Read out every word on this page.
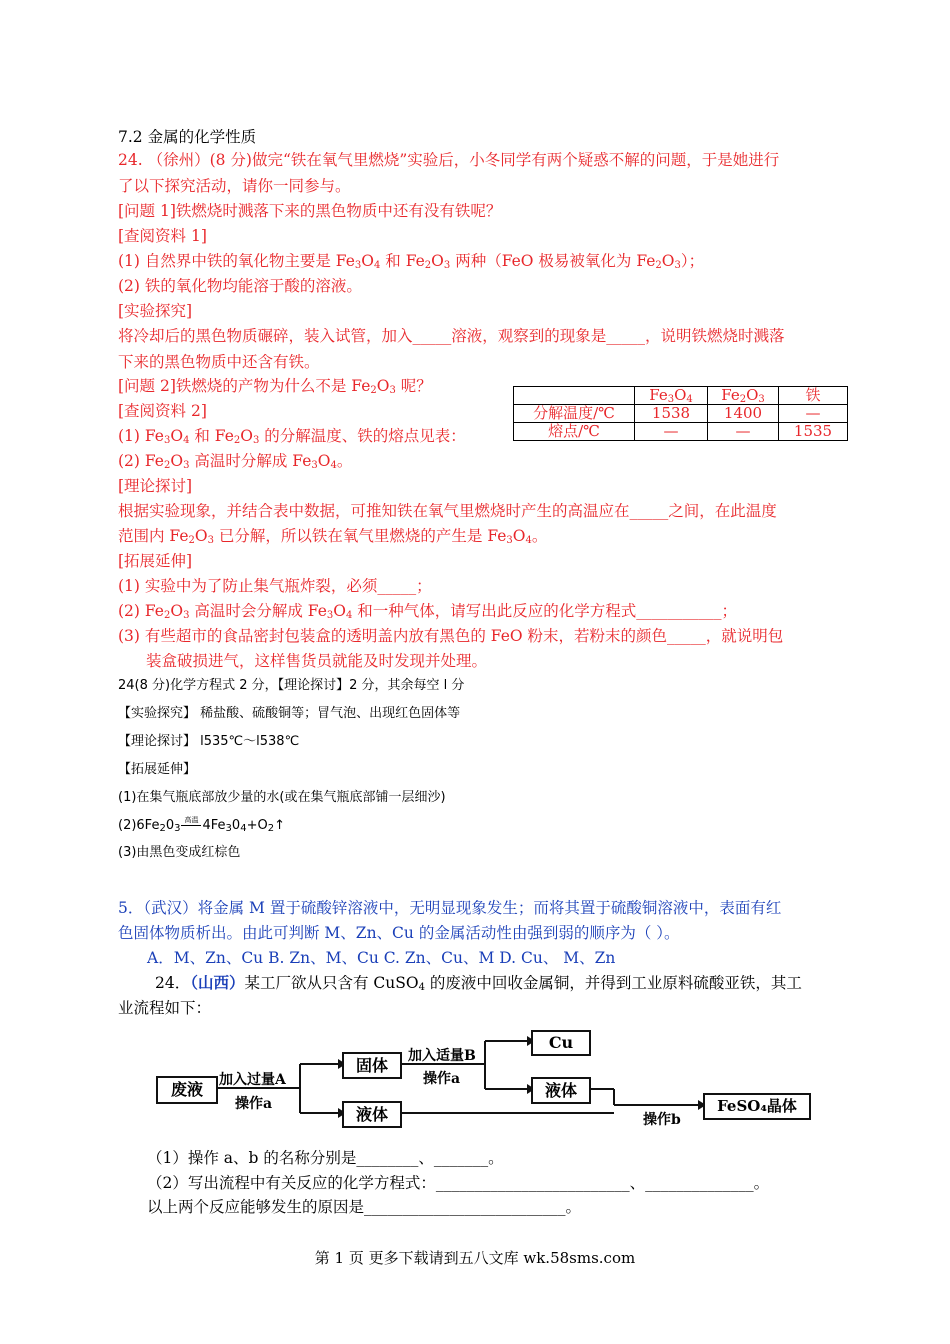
7.2 金属的化学性质
24. （徐州）(8 分)做完“铁在氧气里燃烧”实验后，小冬同学有两个疑惑不解的问题，于是她进行
了以下探究活动，请你一同参与。
[问题 1]铁燃烧时溅落下来的黑色物质中还有没有铁呢？
[查阅资料 1]
(1) 自然界中铁的氧化物主要是 $Fe_3O_4$ 和 $Fe_2O_3$ 两种（FeO 极易被氧化为 $Fe_2O_3$）；
(2) 铁的氧化物均能溶于酸的溶液。
[实验探究]
将冷却后的黑色物质碾碎，装入试管，加入_____溶液，观察到的现象是_____，说明铁燃烧时溅落
下来的黑色物质中还含有铁。
[问题 2]铁燃烧的产物为什么不是 $Fe_2O_3$ 呢？
[查阅资料 2]
(1) $Fe_3O_4$ 和 $Fe_2O_3$ 的分解温度、铁的熔点见表：
(2) $Fe_2O_3$ 高温时分解成 $Fe_3O_4$。
	$Fe_3O_4$	$Fe_2O_3$	铁
分解温度/℃	1538	1400	—
熔点/℃	—	—	1535
[理论探讨]
根据实验现象，并结合表中数据，可推知铁在氧气里燃烧时产生的高温应在_____之间，在此温度
范围内 $Fe_2O_3$ 已分解，所以铁在氧气里燃烧的产生是 $Fe_3O_4$。
[拓展延伸]
(1) 实验中为了防止集气瓶炸裂，必须_____；
(2) $Fe_2O_3$ 高温时会分解成 $Fe_3O_4$ 和一种气体，请写出此反应的化学方程式___________；
(3) 有些超市的食品密封包装盒的透明盖内放有黑色的 FeO 粉末，若粉末的颜色_____，就说明包
装盒破损进气，这样售货员就能及时发现并处理。
24(8 分)化学方程式 2 分，【理论探讨】2 分，其余每空 l 分
【实验探究】 稀盐酸、硫酸铜等；冒气泡、出现红色固体等
【理论探讨】 l535℃～l538℃
【拓展延伸】
(1)在集气瓶底部放少量的水(或在集气瓶底部铺一层细沙)
$(2)6Fe_20_3$
高温 $4Fe_30_4+O_2↑$
(3)由黑色变成红棕色
5．（武汉）将金属 M 置于硫酸锌溶液中，无明显现象发生；而将其置于硫酸铜溶液中，表面有红
色固体物质析出。由此可判断 M、Zn、Cu 的金属活动性由强到弱的顺序为（ ）。
A．M、Zn、Cu B. Zn、M、Cu C. Zn、Cu、M D. Cu、 M、Zn
24．（山西）某工厂欲从只含有 CuSO$_4$ 的废液中回收金属铜，并得到工业原料硫酸亚铁，其工
业流程如下：
废液	加入过量A
操作a
固体	加入适量B
操作a
Cu
液体
液体	操作b
FeSO₄晶体
（1）操作 a、b 的名称分别是________、_______。
（2）写出流程中有关反应的化学方程式：_________________________、______________。
以上两个反应能够发生的原因是__________________________。
第 1 页 更多下载请到五八文库 wk.58sms.com
